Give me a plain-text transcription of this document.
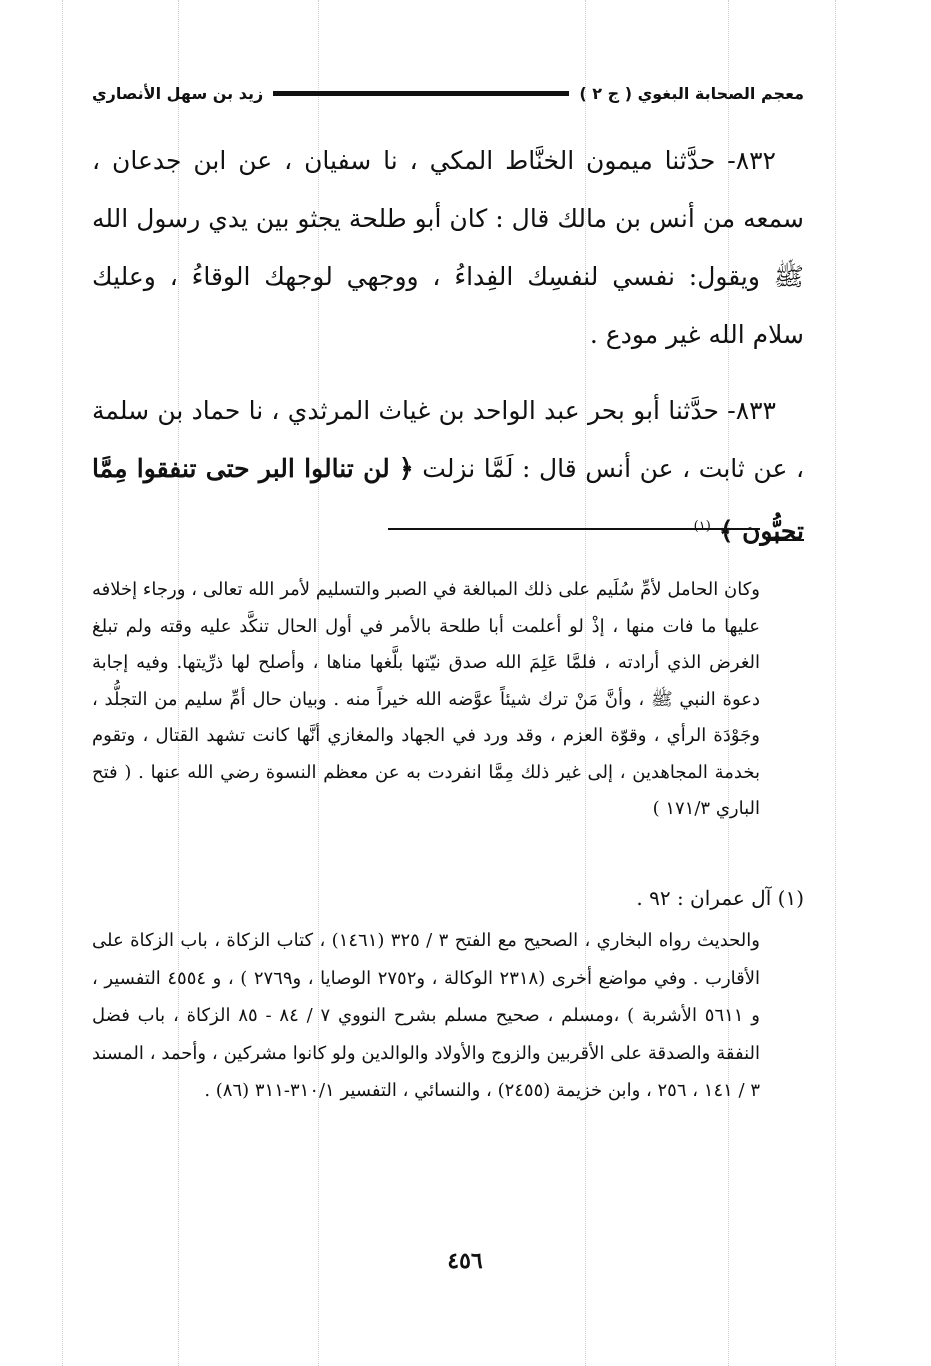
معجم الصحابة البغوي ( ج ٢ )
زيد بن سهل الأنصاري

٨٣٢- حدَّثنا ميمون الخنَّاط المكي ، نا سفيان ، عن ابن جدعان ، سمعه من أنس بن مالك قال : كان أبو طلحة يجثو بين يدي رسول الله ﷺ ويقول: نفسي لنفسِك الفِداءُ ، ووجهي لوجهك الوقاءُ ، وعليك سلام الله غير مودع .

٨٣٣- حدَّثنا أبو بحر عبد الواحد بن غياث المرثدي ، نا حماد بن سلمة ، عن ثابت ، عن أنس قال : لَمَّا نزلت ﴿ لن تنالوا البر حتى تنفقوا مِمَّا تحبُّون ﴾ $^{(١)}$

وكان الحامل لأمِّ سُلَيم على ذلك المبالغة في الصبر والتسليم لأمر الله تعالى ، ورجاء إخلافه عليها ما فات منها ، إذْ لو أعلمت أبا طلحة بالأمر في أول الحال تنكَّد عليه وقته ولم تبلغ الغرض الذي أرادته ، فلمَّا عَلِمَ الله صدق نيّتها بلَّغها مناها ، وأصلح لها ذرِّيتها. وفيه إجابة دعوة النبي ﷺ ، وأنَّ مَنْ ترك شيئاً عوَّضه الله خيراً منه . وبيان حال أمِّ سليم من التجلُّد ، وجَوْدَة الرأي ، وقوّة العزم ، وقد ورد في الجهاد والمغازي أنَّها كانت تشهد القتال ، وتقوم بخدمة المجاهدين ، إلى غير ذلك مِمَّا انفردت به عن معظم النسوة رضي الله عنها . ( فتح الباري ١٧١/٣ )

(١) آل عمران : ٩٢ .

والحديث رواه البخاري ، الصحيح مع الفتح ٣ / ٣٢٥ (١٤٦١) ، كتاب الزكاة ، باب الزكاة على الأقارب . وفي مواضع أخرى (٢٣١٨ الوكالة ، و٢٧٥٢ الوصايا ، و٢٧٦٩ ) ، و ٤٥٥٤ التفسير ، و ٥٦١١ الأشربة ) ،ومسلم ، صحيح مسلم بشرح النووي ٧ / ٨٤ - ٨٥ الزكاة ، باب فضل النفقة والصدقة على الأقربين والزوج والأولاد والوالدين ولو كانوا مشركين ، وأحمد ، المسند ٣ / ١٤١ ، ٢٥٦ ، وابن خزيمة (٢٤٥٥) ، والنسائي ، التفسير ٣١٠/١-٣١١ (٨٦) .

٤٥٦
